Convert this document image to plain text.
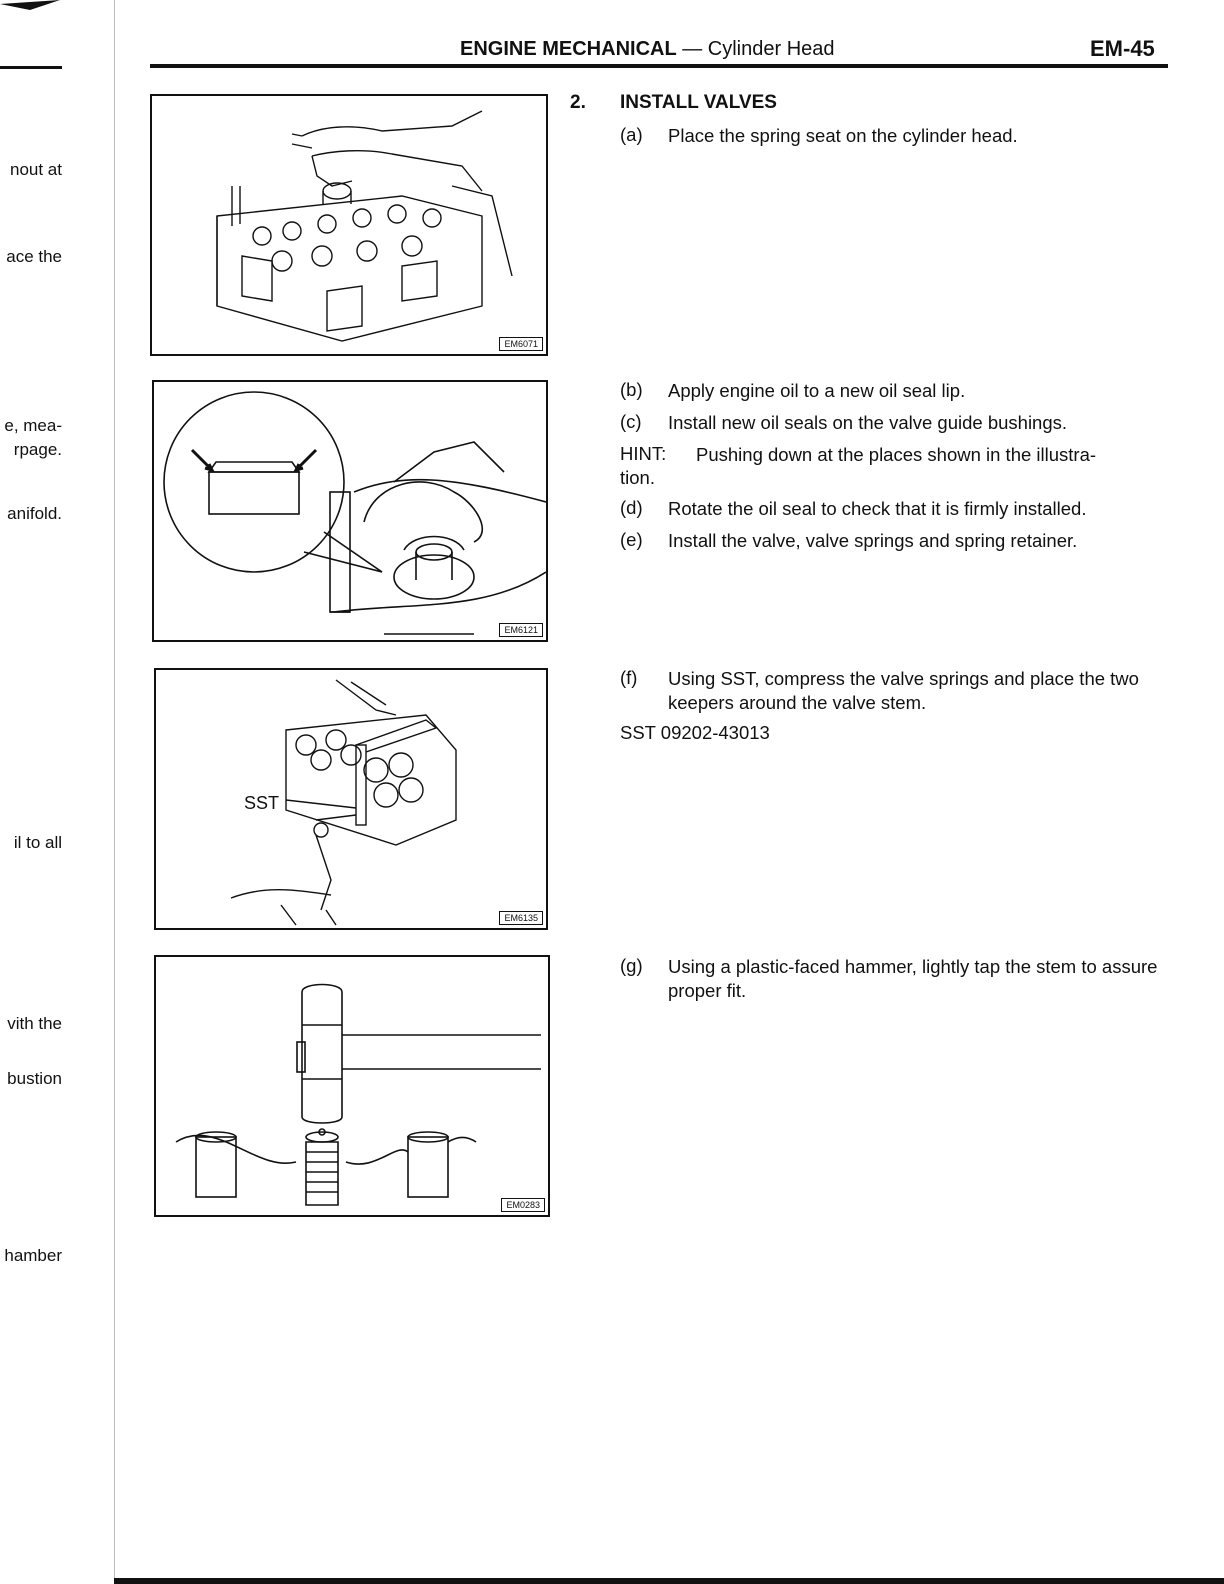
nout at
ace the
e, mea-
rpage.
anifold.
il to all
vith the
bustion
hamber
ENGINE MECHANICAL — Cylinder Head	EM-45
EM6071
EM6121
SST
EM6135
EM0283
2. INSTALL VALVES
(a) Place the spring seat on the cylinder head.
(b) Apply engine oil to a new oil seal lip.
(c) Install new oil seals on the valve guide bushings.
HINT: Pushing down at the places shown in the illustra-
tion.
(d) Rotate the oil seal to check that it is firmly installed.
(e) Install the valve, valve springs and spring retainer.
(f) Using SST, compress the valve springs and place the two keepers around the valve stem.
SST 09202-43013
(g) Using a plastic-faced hammer, lightly tap the stem to assure proper fit.
